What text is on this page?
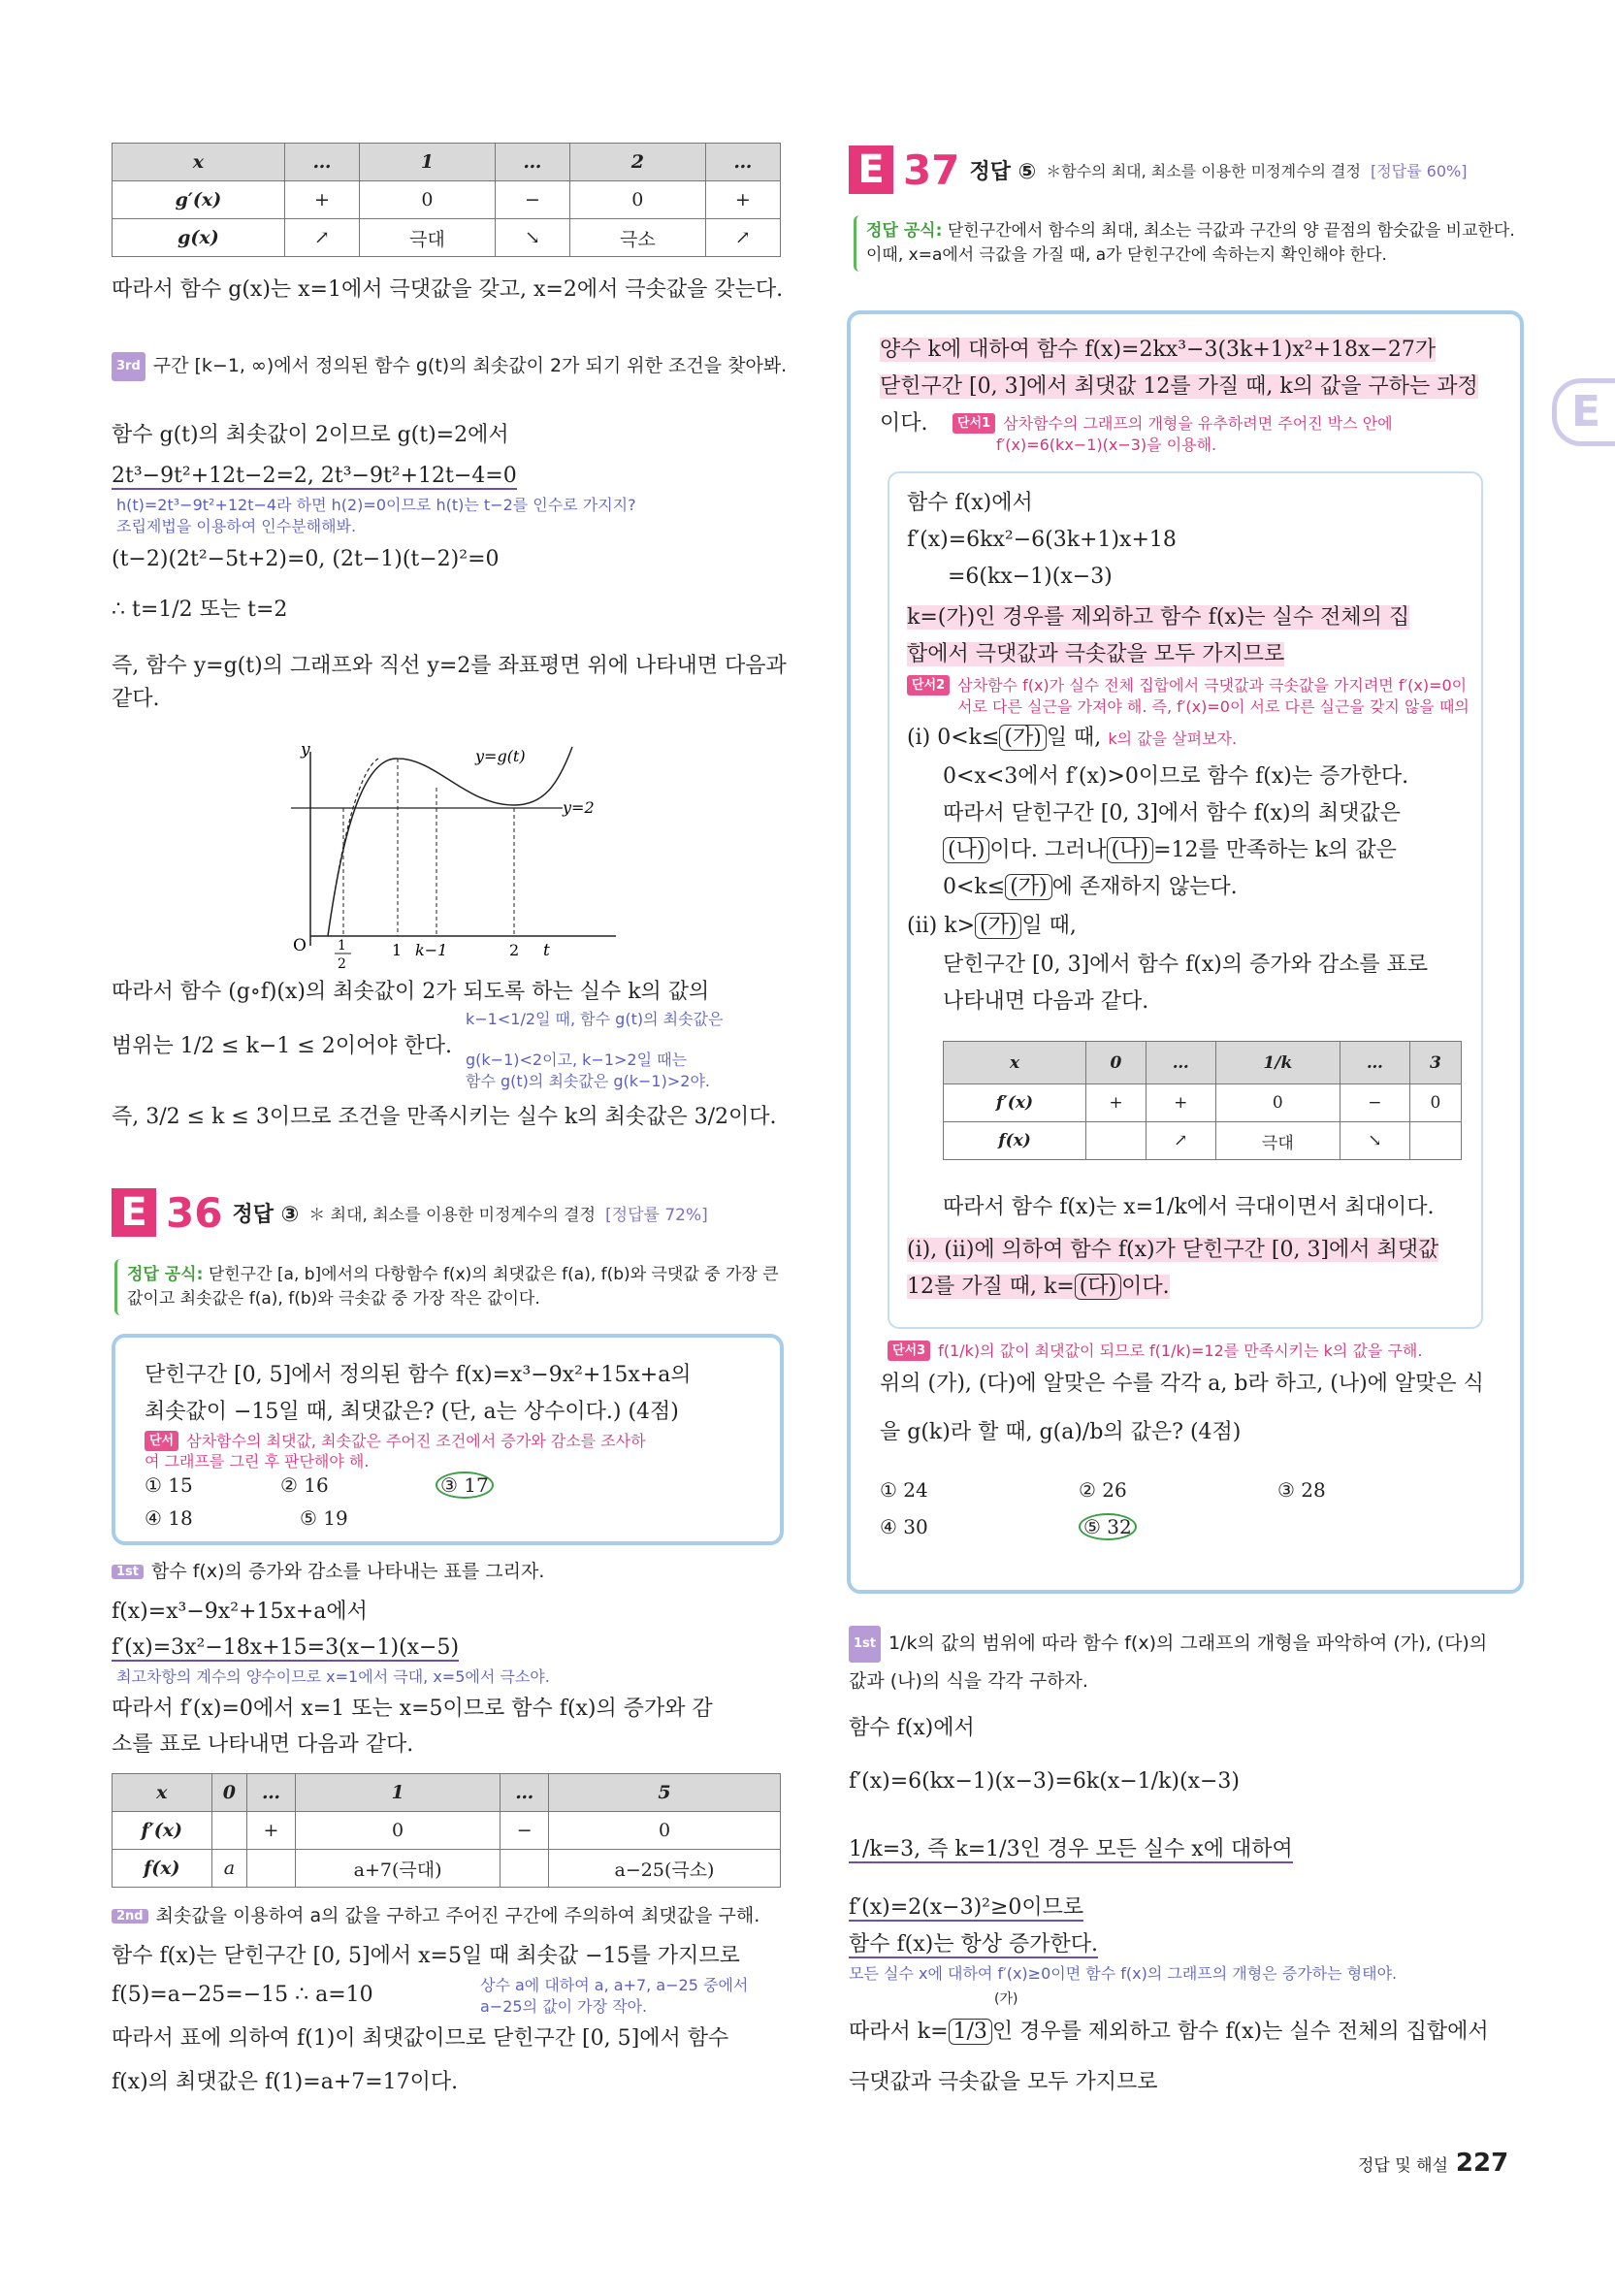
x	…	1	…	2	…
g′(x)	+	0	−	0	+
g(x)	↗	극대	↘	극소	↗

따라서 함수 g(x)는 x=1에서 극댓값을 갖고, x=2에서 극솟값을 갖는다.

3rd 구간 [k−1, ∞)에서 정의된 함수 g(t)의 최솟값이 2가 되기 위한 조건을 찾아봐.

함수 g(t)의 최솟값이 2이므로 g(t)=2에서

2t³−9t²+12t−2=2, 2t³−9t²+12t−4=0

h(t)=2t³−9t²+12t−4라 하면 h(2)=0이므로 h(t)는 t−2를 인수로 가지지?
조립제법을 이용하여 인수분해해봐.

(t−2)(2t²−5t+2)=0, (2t−1)(t−2)²=0

∴ t=1/2 또는 t=2

즉, 함수 y=g(t)의 그래프와 직선 y=2를 좌표평면 위에 나타내면 다음과 같다.

y	y=g(t)
y=2
O 1
2
1 k−1	2 t

따라서 함수 (g∘f)(x)의 최솟값이 2가 되도록 하는 실수 k의 값의

범위는 1/2 ≤ k−1 ≤ 2이어야 한다.

k−1<1/2일 때, 함수 g(t)의 최솟값은
g(k−1)<2이고, k−1>2일 때는
함수 g(t)의 최솟값은 g(k−1)>2야.

즉, 3/2 ≤ k ≤ 3이므로 조건을 만족시키는 실수 k의 최솟값은 3/2이다.

E 36 정답 ③ ＊ 최대, 최소를 이용한 미정계수의 결정 [정답률 72%]
정답 공식: 닫힌구간 [a, b]에서의 다항함수 f(x)의 최댓값은 f(a), f(b)와 극댓값 중 가장 큰 값이고 최솟값은 f(a), f(b)와 극솟값 중 가장 작은 값이다.
닫힌구간 [0, 5]에서 정의된 함수 f(x)=x³−9x²+15x+a의
최솟값이 −15일 때, 최댓값은? (단, a는 상수이다.) (4점)
단서 삼차함수의 최댓값, 최솟값은 주어진 조건에서 증가와 감소를 조사하여 그래프를 그린 후 판단해야 해.
② 16	③ 17
④ 18	⑤ 19
① 15
1st 함수 f(x)의 증가와 감소를 나타내는 표를 그리자.

f(x)=x³−9x²+15x+a에서

f′(x)=3x²−18x+15=3(x−1)(x−5)

최고차항의 계수의 양수이므로 x=1에서 극대, x=5에서 극소야.

따라서 f′(x)=0에서 x=1 또는 x=5이므로 함수 f(x)의 증가와 감

소를 표로 나타내면 다음과 같다.

x	0	…	1	…	5
f′(x)		+	0	−	0
f(x)	a		a+7(극대)		a−25(극소)
2nd 최솟값을 이용하여 a의 값을 구하고 주어진 구간에 주의하여 최댓값을 구해.

함수 f(x)는 닫힌구간 [0, 5]에서 x=5일 때 최솟값 −15를 가지므로

f(5)=a−25=−15 ∴ a=10	상수 a에 대하여 a, a+7, a−25 중에서
a−25의 값이 가장 작아.

따라서 표에 의하여 f(1)이 최댓값이므로 닫힌구간 [0, 5]에서 함수

f(x)의 최댓값은 f(1)=a+7=17이다.

E 37 정답 ⑤ ＊함수의 최대, 최소를 이용한 미정계수의 결정 [정답률 60%]
정답 공식: 닫힌구간에서 함수의 최대, 최소는 극값과 구간의 양 끝점의 함숫값을 비교한다. 이때, x=a에서 극값을 가질 때, a가 닫힌구간에 속하는지 확인해야 한다.
양수 k에 대하여 함수 f(x)=2kx³−3(3k+1)x²+18x−27가
닫힌구간 [0, 3]에서 최댓값 12를 가질 때, k의 값을 구하는 과정
이다.	단서1 삼차함수의 그래프의 개형을 유추하려면 주어진 박스 안에
f′(x)=6(kx−1)(x−3)을 이용해.
함수 f(x)에서
f′(x)=6kx²−6(3k+1)x+18
=6(kx−1)(x−3)
k=(가)인 경우를 제외하고 함수 f(x)는 실수 전체의 집
합에서 극댓값과 극솟값을 모두 가지므로
단서2 삼차함수 f(x)가 실수 전체 집합에서 극댓값과 극솟값을 가지려면 f′(x)=0이
서로 다른 실근을 가져야 해. 즉, f′(x)=0이 서로 다른 실근을 갖지 않을 때의
(i) 0<k≤ (가) 일 때, k의 값을 살펴보자.
0<x<3에서 f′(x)>0이므로 함수 f(x)는 증가한다.
따라서 닫힌구간 [0, 3]에서 함수 f(x)의 최댓값은
(나) 이다. 그러나 (나) =12를 만족하는 k의 값은
0<k≤ (가) 에 존재하지 않는다.
(ii) k> (가) 일 때,
닫힌구간 [0, 3]에서 함수 f(x)의 증가와 감소를 표로
나타내면 다음과 같다.
x	0	…	1/k	…	3
f′(x)	+	+	0	−	0
f(x)		↗	극대	↘	
따라서 함수 f(x)는 x=1/k에서 극대이면서 최대이다.
(i), (ii)에 의하여 함수 f(x)가 닫힌구간 [0, 3]에서 최댓값
12를 가질 때, k= (다) 이다.
단서3 f(1/k)의 값이 최댓값이 되므로 f(1/k)=12를 만족시키는 k의 값을 구해.
위의 (가), (다)에 알맞은 수를 각각 a, b라 하고, (나)에 알맞은 식
을 g(k)라 할 때, g(a)/b의 값은? (4점)
① 24	② 26	③ 28
④ 30	⑤ 32
1st 1/k의 값의 범위에 따라 함수 f(x)의 그래프의 개형을 파악하여 (가), (다)의 값과 (나)의 식을 각각 구하자.

함수 f(x)에서

f′(x)=6(kx−1)(x−3)=6k(x−1/k)(x−3)

1/k=3, 즉 k=1/3인 경우 모든 실수 x에 대하여

f′(x)=2(x−3)²≥0이므로

함수 f(x)는 항상 증가한다.

모든 실수 x에 대하여 f′(x)≥0이면 함수 f(x)의 그래프의 개형은 증가하는 형태야.
(가)

따라서 k= 1/3 인 경우를 제외하고 함수 f(x)는 실수 전체의 집합에서

극댓값과 극솟값을 모두 가지므로

E
정답 및 해설 227
